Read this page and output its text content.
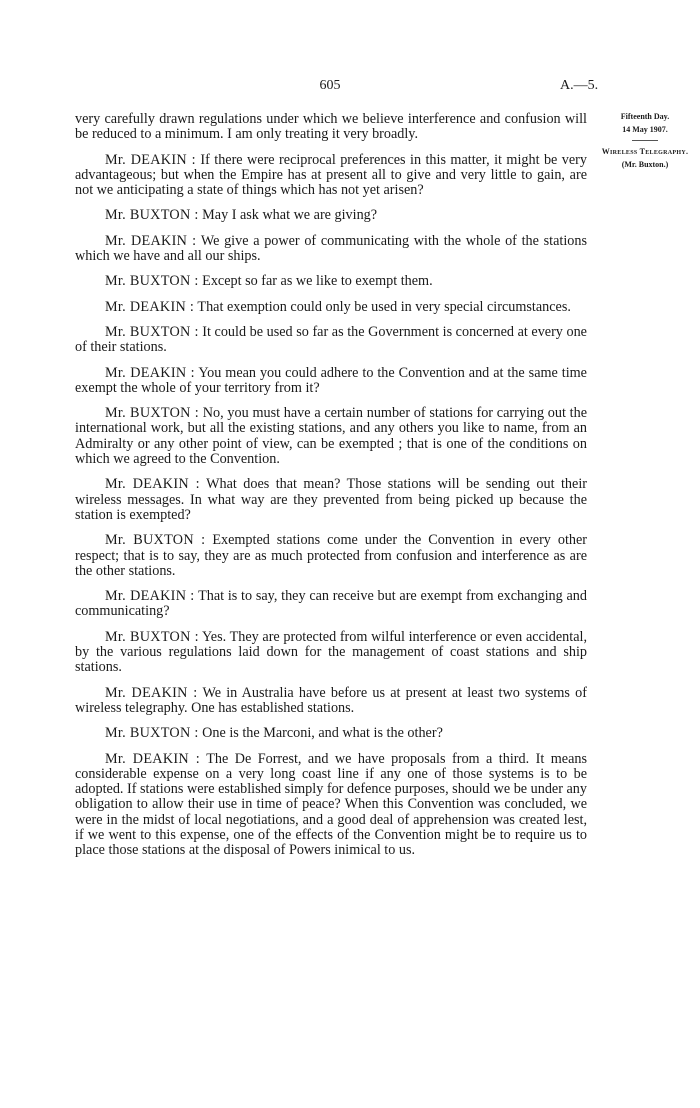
605	A.—5.
Fifteenth Day.
14 May 1907.
Wireless Telegraphy.
(Mr. Buxton.)

very carefully drawn regulations under which we believe interference and confusion will be reduced to a minimum. I am only treating it very broadly.

Mr. DEAKIN : If there were reciprocal preferences in this matter, it might be very advantageous; but when the Empire has at present all to give and very little to gain, are not we anticipating a state of things which has not yet arisen?

Mr. BUXTON : May I ask what we are giving?

Mr. DEAKIN : We give a power of communicating with the whole of the stations which we have and all our ships.

Mr. BUXTON : Except so far as we like to exempt them.

Mr. DEAKIN : That exemption could only be used in very special circumstances.

Mr. BUXTON : It could be used so far as the Government is concerned at every one of their stations.

Mr. DEAKIN : You mean you could adhere to the Convention and at the same time exempt the whole of your territory from it?

Mr. BUXTON : No, you must have a certain number of stations for carrying out the international work, but all the existing stations, and any others you like to name, from an Admiralty or any other point of view, can be exempted ; that is one of the conditions on which we agreed to the Convention.

Mr. DEAKIN : What does that mean? Those stations will be sending out their wireless messages. In what way are they prevented from being picked up because the station is exempted?

Mr. BUXTON : Exempted stations come under the Convention in every other respect; that is to say, they are as much protected from confusion and interference as are the other stations.

Mr. DEAKIN : That is to say, they can receive but are exempt from exchanging and communicating?

Mr. BUXTON : Yes. They are protected from wilful interference or even accidental, by the various regulations laid down for the management of coast stations and ship stations.

Mr. DEAKIN : We in Australia have before us at present at least two systems of wireless telegraphy. One has established stations.

Mr. BUXTON : One is the Marconi, and what is the other?

Mr. DEAKIN : The De Forrest, and we have proposals from a third. It means considerable expense on a very long coast line if any one of those systems is to be adopted. If stations were established simply for defence purposes, should we be under any obligation to allow their use in time of peace? When this Convention was concluded, we were in the midst of local negotiations, and a good deal of apprehension was created lest, if we went to this expense, one of the effects of the Convention might be to require us to place those stations at the disposal of Powers inimical to us.
